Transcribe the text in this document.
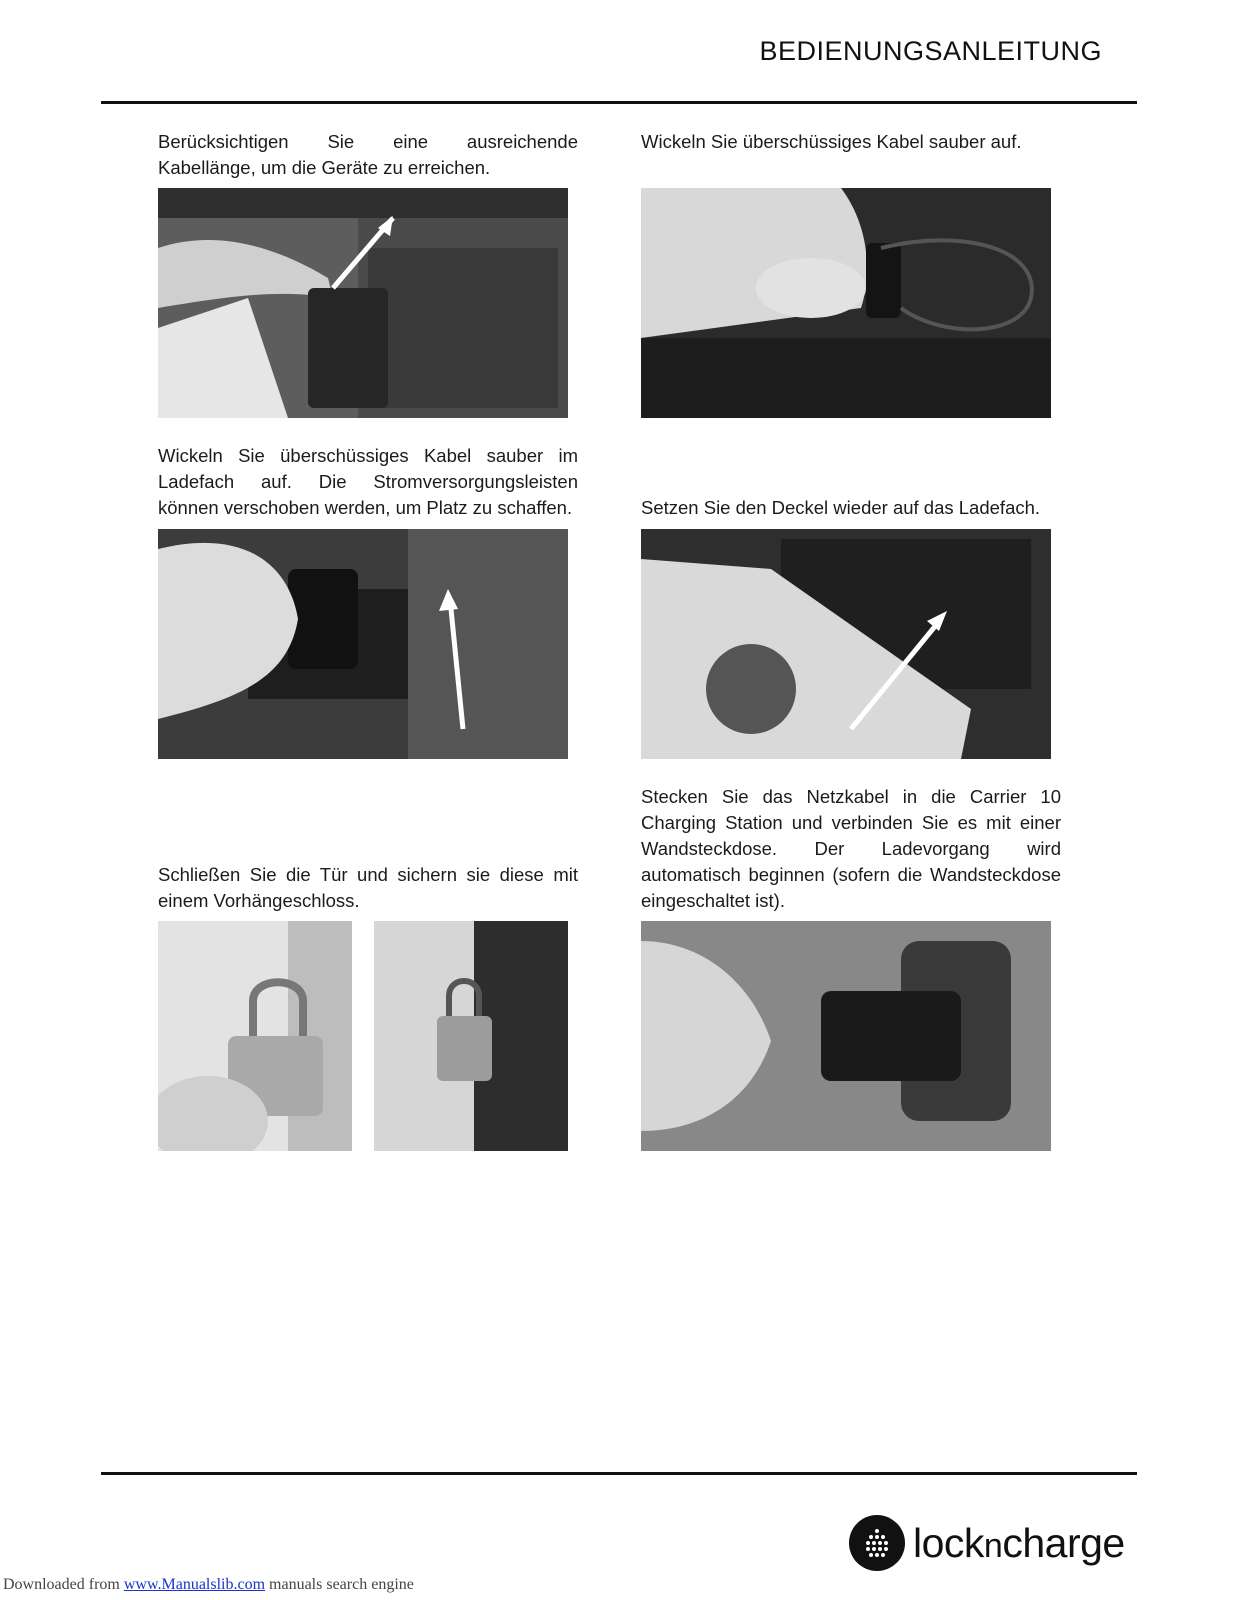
BEDIENUNGSANLEITUNG
Berücksichtigen Sie eine ausreichende Kabellänge, um die Geräte zu erreichen.
Wickeln Sie überschüssiges Kabel sauber auf.
Wickeln Sie überschüssiges Kabel sauber im Ladefach auf. Die Stromversorgungsleisten können verschoben werden, um Platz zu schaffen.	Setzen Sie den Deckel wieder auf das Ladefach.
Schließen Sie die Tür und sichern sie diese mit einem Vorhängeschloss.
Stecken Sie das Netzkabel in die Carrier 10 Charging Station und verbinden Sie es mit einer Wandsteckdose. Der Ladevorgang wird automatisch beginnen (sofern die Wandsteckdose eingeschaltet ist).
lockncharge
Downloaded from www.Manualslib.com manuals search engine
